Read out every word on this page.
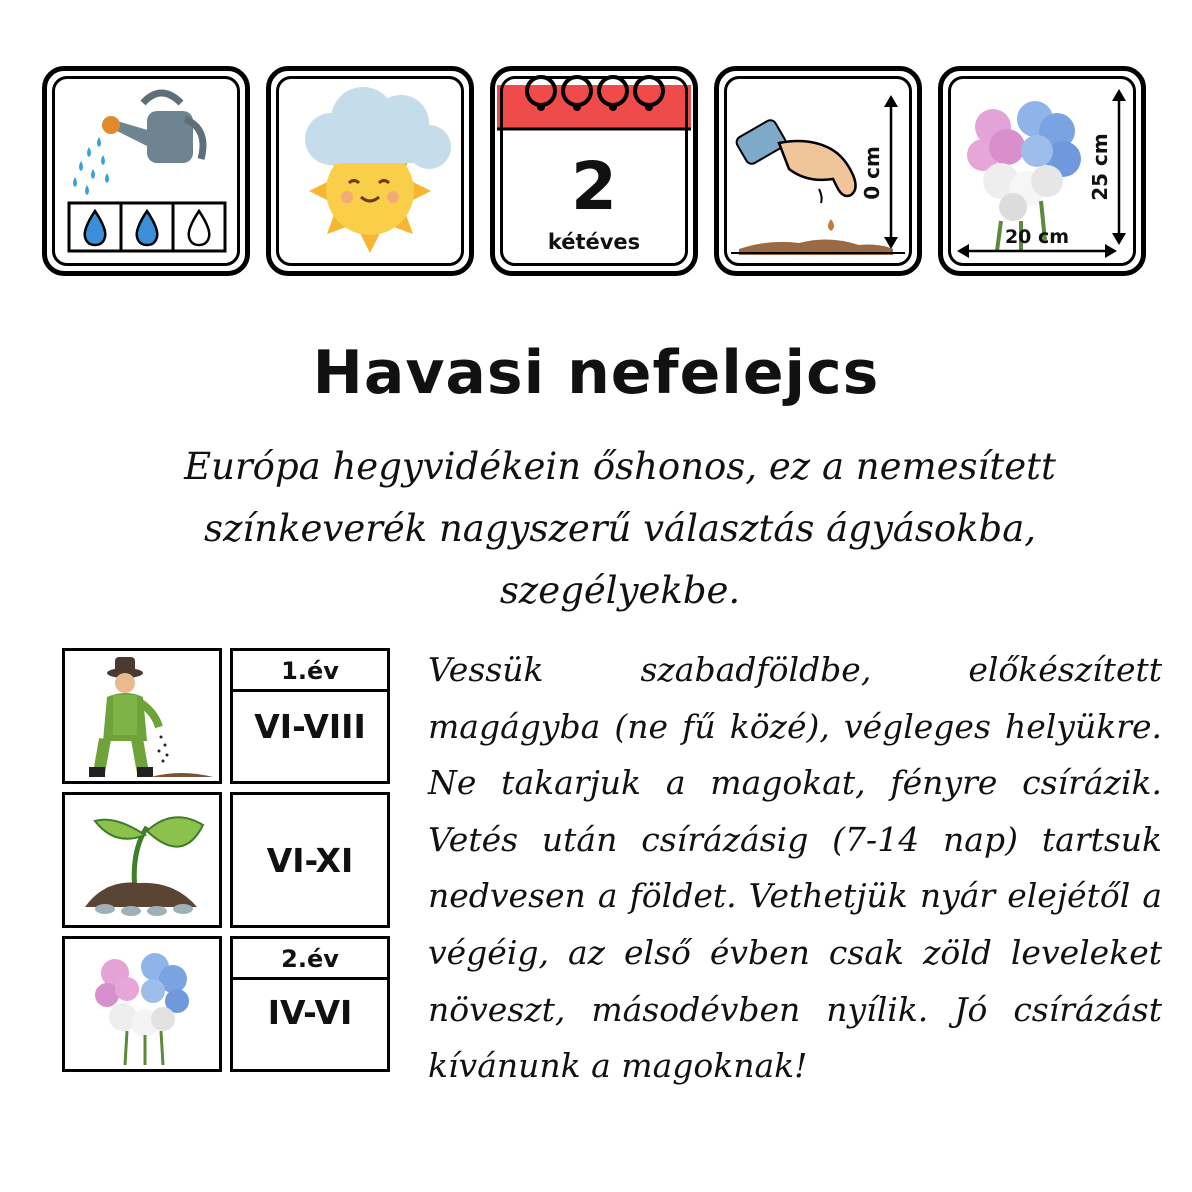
2
kétéves
0 cm	25 cm
20 cm
Havasi nefelejcs
Európa hegyvidékein őshonos, ez a nemesített színkeverék nagyszerű választás ágyásokba, szegélyekbe.
1.év
VI-VIII
VI-XI
2.év
IV-VI
Vessük szabadföldbe, előkészített magágyba (ne fű közé), végleges helyükre. Ne takarjuk a magokat, fényre csírázik. Vetés után csírázásig (7-14 nap) tartsuk nedvesen a földet. Vethetjük nyár elejétől a végéig, az első évben csak zöld leveleket növeszt, másodévben nyílik. Jó csírázást kívánunk a magoknak!
